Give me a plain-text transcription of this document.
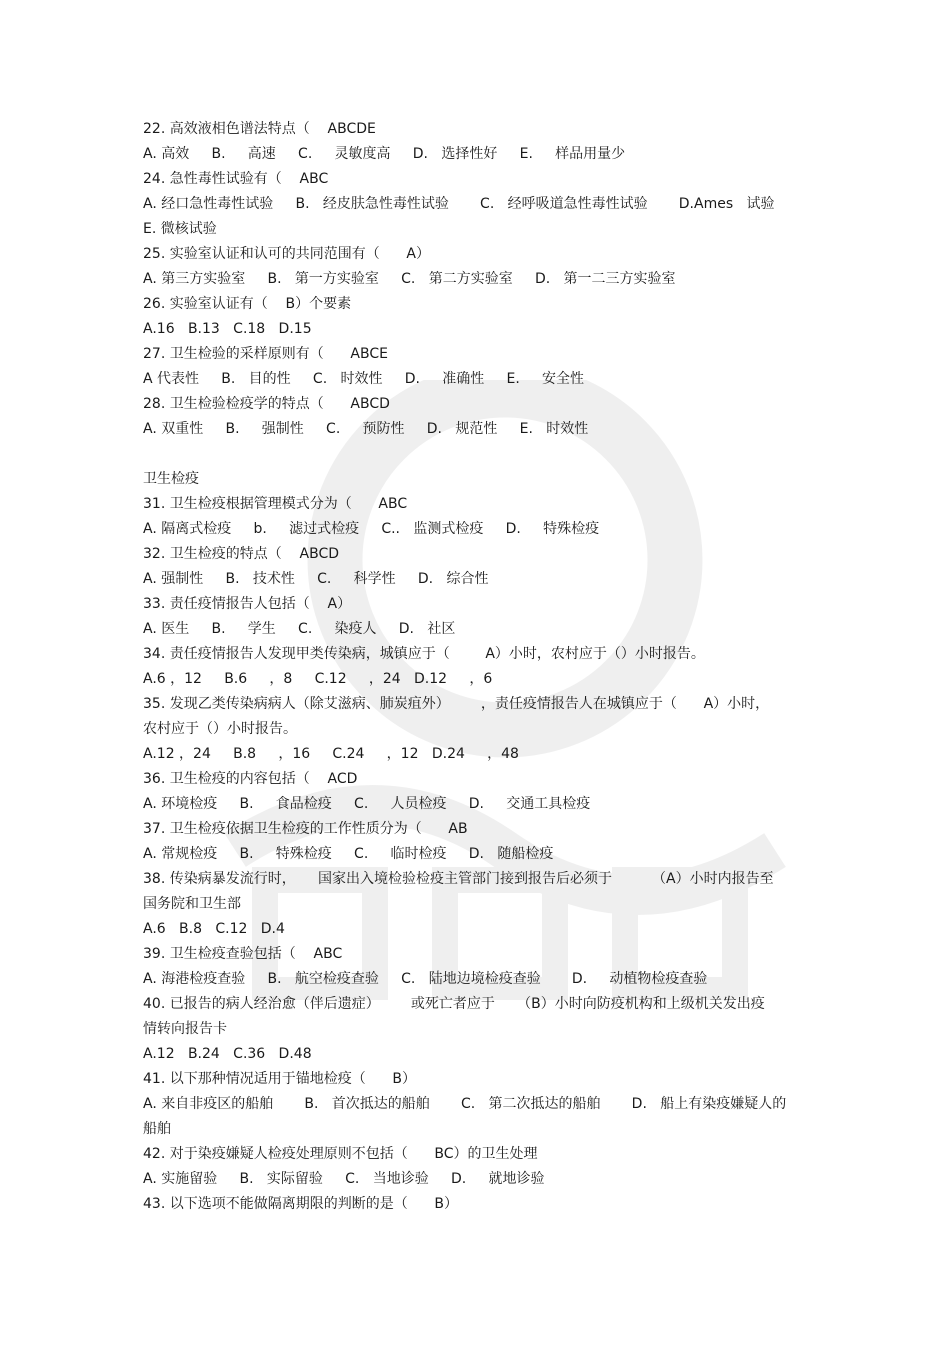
22. 高效液相色谱法特点（    ABCDE
A. 高效     B.     高速     C.     灵敏度高     D.   选择性好     E.     样品用量少
24. 急性毒性试验有（    ABC
A. 经口急性毒性试验     B.   经皮肤急性毒性试验       C.   经呼吸道急性毒性试验       D.Ames   试验
E. 微核试验
25. 实验室认证和认可的共同范围有（      A）
A. 第三方实验室     B.   第一方实验室     C.   第二方实验室     D.   第一二三方实验室
26. 实验室认证有（    B）个要素
A.16   B.13   C.18   D.15
27. 卫生检验的采样原则有（      ABCE
A 代表性     B.   目的性     C.   时效性     D.     准确性     E.     安全性
28. 卫生检验检疫学的特点（      ABCD
A. 双重性     B.     强制性     C.     预防性     D.   规范性     E.   时效性
卫生检疫
31. 卫生检疫根据管理模式分为（      ABC
A. 隔离式检疫     b.     滤过式检疫     C..   监测式检疫     D.     特殊检疫
32. 卫生检疫的特点（    ABCD
A. 强制性     B.   技术性     C.     科学性     D.   综合性
33. 责任疫情报告人包括（    A）
A. 医生     B.     学生     C.     染疫人     D.   社区
34. 责任疫情报告人发现甲类传染病，城镇应于（        A）小时，农村应于（）小时报告。
A.6 ，12     B.6     ，8     C.12     ，24   D.12     ，6
35. 发现乙类传染病病人（除艾滋病、肺炭疽外）       ，责任疫情报告人在城镇应于（      A）小时，
农村应于（）小时报告。
A.12 ，24     B.8     ，16     C.24     ，12   D.24     ，48
36. 卫生检疫的内容包括（    ACD
A. 环境检疫     B.     食品检疫     C.     人员检疫     D.     交通工具检疫
37. 卫生检疫依据卫生检疫的工作性质分为（      AB
A. 常规检疫     B.     特殊检疫     C.     临时检疫     D.   随船检疫
38. 传染病暴发流行时，     国家出入境检验检疫主管部门接到报告后必须于         （A）小时内报告至
国务院和卫生部
A.6   B.8   C.12   D.4
39. 卫生检疫查验包括（    ABC
A. 海港检疫查验     B.   航空检疫查验     C.   陆地边境检疫查验       D.     动植物检疫查验
40. 已报告的病人经治愈（伴后遗症）       或死亡者应于     （B）小时向防疫机构和上级机关发出疫
情转向报告卡
A.12   B.24   C.36   D.48
41. 以下那种情况适用于锚地检疫（      B）
A. 来自非疫区的船舶       B.   首次抵达的船舶       C.   第二次抵达的船舶       D.   船上有染疫嫌疑人的
船舶
42. 对于染疫嫌疑人检疫处理原则不包括（      BC）的卫生处理
A. 实施留验     B.   实际留验     C.   当地诊验     D.     就地诊验
43. 以下选项不能做隔离期限的判断的是（      B）
